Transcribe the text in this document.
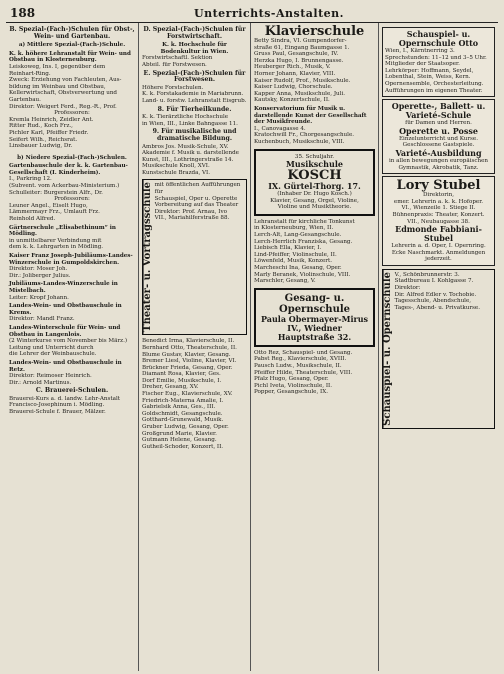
188	Unterrichts-Anstalten.
B. Spezial-(Fach-)Schulen für Obst-, Wein- und Gartenbau.
a) Mittlere Spezial-(Fach-)Schule.
K. k. höhere Lehranstalt für Wein- und Obstbau in Klosterneuburg.
Leiskoweg, Ins. I, gegenüber dem
Reinhart-Ring.
Zweck: Erziehung von Fachleuten, Aus-
bildung im Weinbau und Obstbau,
Kellerwirtschaft, Obstverwertung und
Gartenbau.
Direktor: Weigert Ferd., Reg.-R., Prof.
Professoren:
Kremla Heinrich, Zeidler Ant.
Ritter Rud., Koch Frz.,
Pichler Karl, Pfeiffer Friedr.
Seifert Wilh., Reichsrat.
Linsbauer Ludwig, Dr.
b) Niedere Spezial-(Fach-)Schulen.
Gartenbauschule der k. k. Gartenbau-Gesellschaft (I. Kinderheim).
I., Parkring 12.
(Subvent. vom Ackerbau-Ministerium.)
Schulleiter: Burgerstein Alfr., Dr.
Professoren:
Leuner Angel., Eiselt Hugo,
Lämmermayr Frz., Umlauft Frz.
Reinhold Alfred.
Gärtnerschule „Elisabethinum“ in Mödling.
in unmittelbarer Verbindung mit
dem k. k. Lehrgarten in Mödling.
Kaiser Franz Joseph-Jubiläums-Landes-Winzerschule in Gumpoldskirchen.
Direktor: Moser Joh.
Dir.: Joliberger Julius.
Jubiläums-Landes-Winzerschule in Mistelbach.
Leiter: Kropf Johann.
Landes-Wein- und Obstbauschule in Krems.
Direktor: Mandl Franz.
Landes-Winterschule für Wein- und Obstbau in Langenlois.
(2 Winterkurse vom November bis März.)
Leitung und Unterricht durch
die Lehrer der Weinbauschule.
Landes-Wein- und Obstbauschule in Retz.
Direktor: Reimoser Heinrich.
Dir.: Arnold Martinus.
C. Brauerei-Schulen.
Brauerei-Kurs a. d. landw. Lehr-Anstalt
Francisco-Josephinum i. Mödling.
Brauerei-Schule f. Brauer, Mälzer.
D. Spezial-(Fach-)Schulen für Forstwirtschaft.
K. k. Hochschule für Bodenkultur in Wien.
Forstwirtschaftl. Sektion
Abteil. für Forstwesen.
E. Spezial-(Fach-)Schulen für Forstwesen.
Höhere Forstschulen.
K. k. Forstakademie in Mariabrunn.
Land- u. forstw. Lehranstalt Eisgrub.
8. Für Tierheilkunde.
K. k. Tierärztliche Hochschule
in Wien, III., Linke Bahngasse 11.
9. Für musikalische und dramatische Bildung.
Ambros Jos. Musik-Schule, XV.
Akademie f. Musik u. darstellende
Kunst, III., Lothringerstraße 14.
Musikschule Knoll, XVI.
Kunstschule Brazda, VI.
Theater- u. Vortragsschule mit öffentlichen Aufführungen für
Schauspiel, Oper u. Operette
Vorbereitung auf das Theater
Direktor: Prof. Arnau, Ivo
VII., Mariahilferstraße 88.
Benedict Irma, Klavierschule, II.
Bernhard Otto, Theaterschule, II.
Blume Gustav, Klavier, Gesang.
Bremer Liesl, Violine, Klavier, VI.
Brückner Frieda, Gesang, Oper.
Diamant Rosa, Klavier, Ges.
Dorf Emilie, Musikschule, I.
Dreher, Gesang, XV.
Fischer Eug., Klavierschule, XV.
Friedrich-Materna Amalie, I.
Gabrielsik Anna, Ges., III.
Goldschmidt, Gesangschule.
Gotthard-Grunewald, Musik.
Gruber Ludwig, Gesang, Oper.
Großgrund Marie, Klavier.
Gutmann Helene, Gesang.
Gutheil-Schoder, Konzert, II.
Klavierschule
Betty Sindra, VI. Gumpendorfer-
straße 61, Eingang Baumgasse 1.
Gruss Paul, Gesangschule, IV.
Herzka Hugo, I. Brunnengasse.
Heuberger Rich., Musik, V.
Horner Johann, Klavier, VIII.
Kaiser Rudolf, Prof., Musikschule.
Kaiser Ludwig, Chorschule.
Kapper Anna, Musikschule, Juli.
Kautsky, Konzertschule, II.
Konservatorium für Musik u. darstellende Kunst der Gesellschaft der Musikfreunde.
I., Canovagasse 4.
Kratochwill Fr., Chorgesangschule.
Kuchenbuch, Musikschule, VIII.
35. Schuljahr.
Musikschule
KOSCH
IX. Gürtel-Thorg. 17.
(Inhaber Dr. Hugo Kosch.)
Klavier, Gesang, Orgel, Violine,
Violine und Musiktheorie.
Lehranstalt für kirchliche Tonkunst
in Klosterneuburg, Wien, II.
Lerch-Alt, Lang-Gesangschule.
Lerch-Herrlich Franziska, Gesang.
Liebisch Ella, Klavier, I.
Lind-Pfeiffer, Violinschule, II.
Löwenfeld, Musik, Konzert.
Marcheschi Ina, Gesang, Oper.
Marly Beranek, Violinschule, VIII.
Marschler, Gesang, V.
Gesang- u. Opernschule
Paula Obermayer-Mirus
IV., Wiedner Hauptstraße 32.
Otto Rez, Schauspiel- und Gesang.
Pabst Reg., Klavierschule, XVIII.
Pausch Ludw., Musikschule, II.
Pfeiffer Hilde, Theaterschule, VIII.
Pfalz Hugo, Gesang, Oper.
Pichl Iveta, Violinschule, II.
Popper, Gesangschule, IX.
Schauspiel- u. Opernschule Otto
Wien, I., Kärntnerring 3.
Sprechstunden: 11–12 und 3–5 Uhr.
Mitglieder der Staatsoper.
Lehrkörper: Hoffmann, Seydel,
Lobenthal, Stein, Weiss, Kern.
Opernensemble, Orchesterleitung.
Aufführungen im eigenen Theater.
Operette-, Ballett- u. Varieté-Schule
für Damen und Herren.
Operette u. Posse
Einzelunterricht und Kurse.
Geschlossene Gastspiele.
Varieté-Ausbildung
in allen bewegungen europäischen
Gymnastik, Akrobatik, Tanz.
Lory Stubel
Direktorin,
emer. Lehrerin a. k. k. Hofoper.
VI., Wienzeile 1. Stiege II.
Bühnenpraxis: Theater, Konzert.
VII., Neubaugasse 38.
Edmonde Fabbiani-Stubel
Lehrerin a. d. Oper, I. Opernring.
Ecke Naschmarkt. Anmeldungen
jederzeit.
Schauspiel- u. Opernschule V., Schönbrunnerstr. 3.
Stadtbureau I. Kohlgasse 7.
Direktor:
Dir. Alfred Edler v. Tochobie.
Tagesschule, Abendschule,
Tages-, Abend- u. Privatkurse.
